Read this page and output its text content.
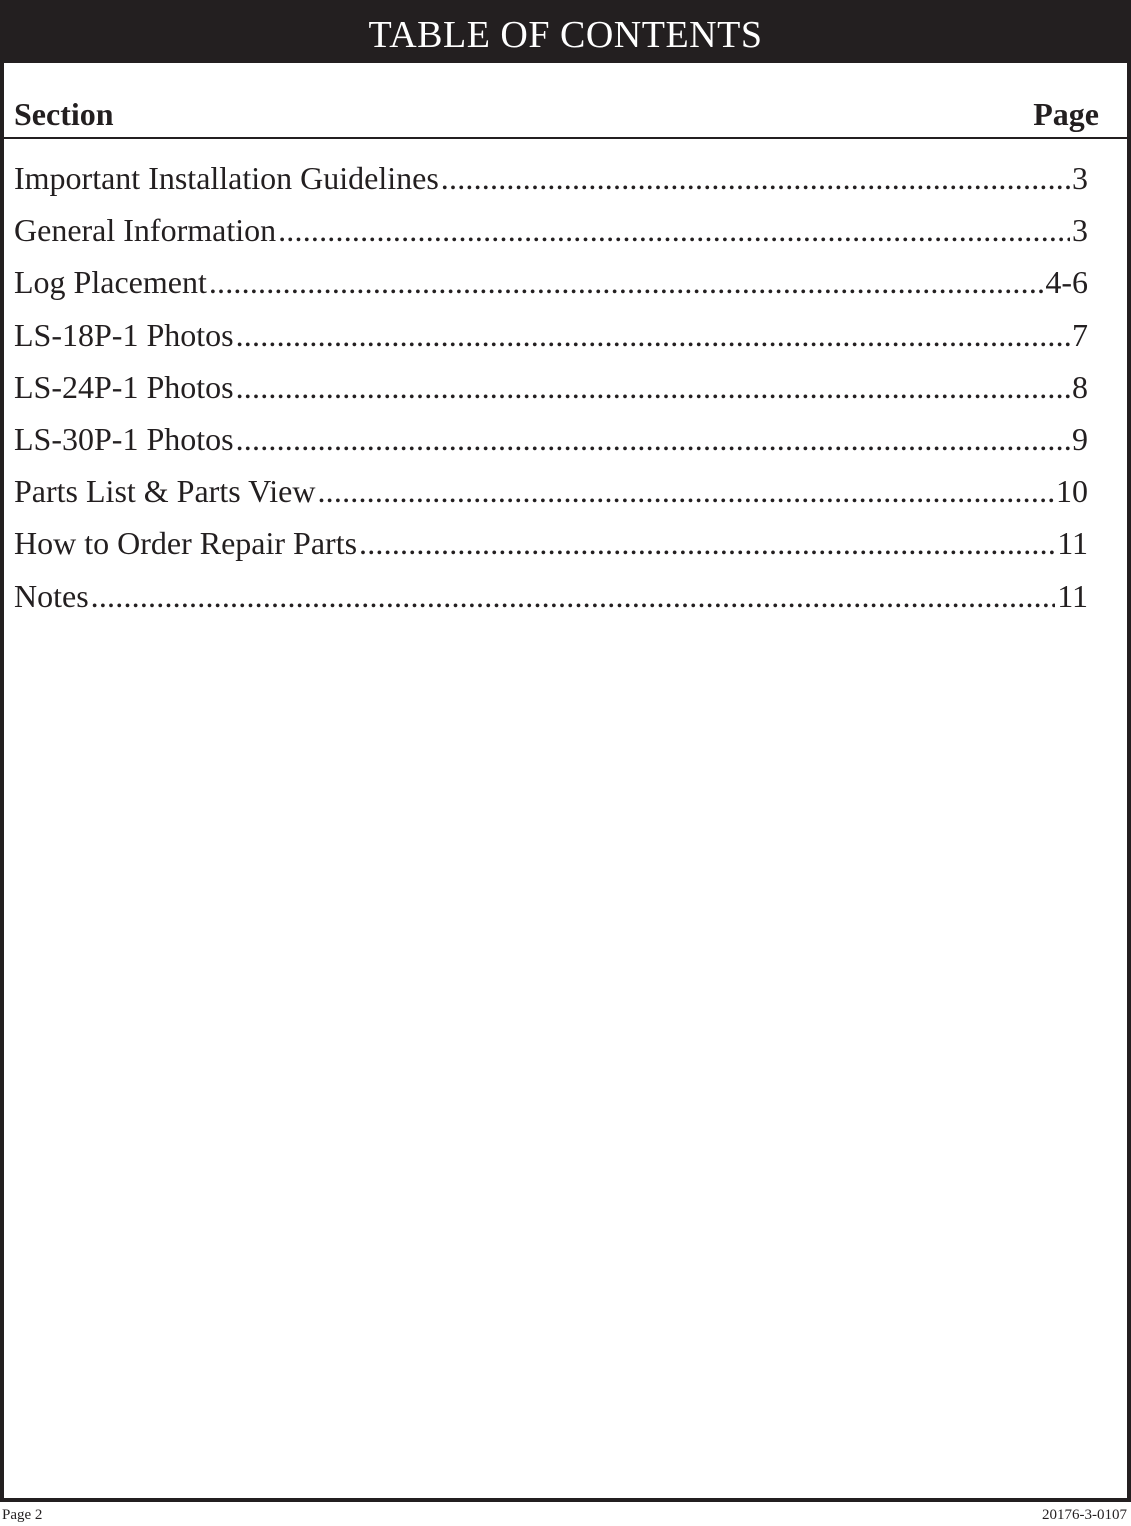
TABLE OF CONTENTS
Section	Page
Important Installation Guidelines .....	3
General Information .....	3
Log Placement .....	4-6
LS-18P-1 Photos .....	7
LS-24P-1 Photos .....	8
LS-30P-1 Photos .....	9
Parts List & Parts View .....	10
How to Order Repair Parts .....	11
Notes .....	11
Page 2	20176-3-0107
